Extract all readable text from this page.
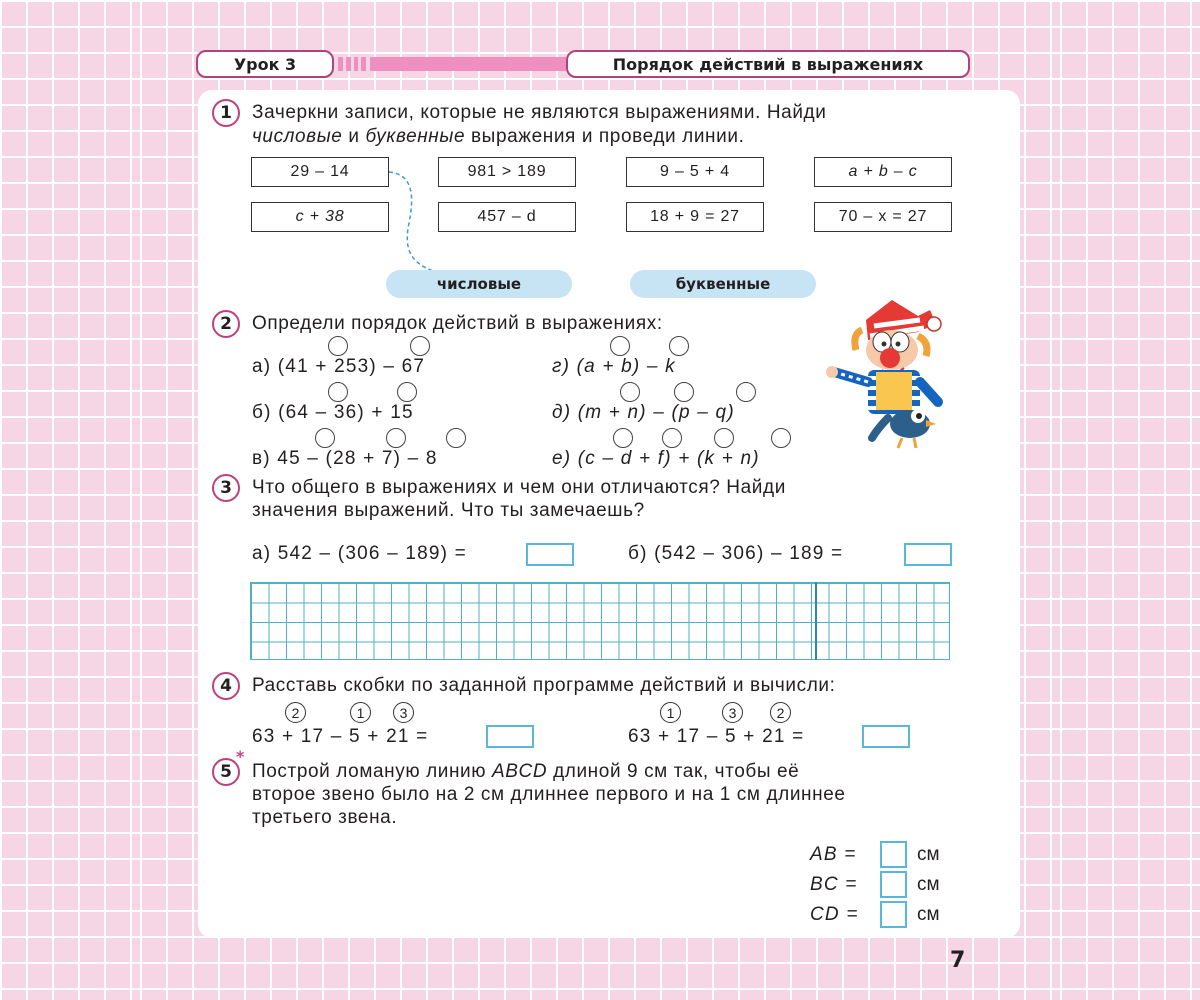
Урок 3	Порядок действий в выражениях
1	Зачеркни записи, которые не являются выражениями. Найди
числовые и буквенные выражения и проведи линии.
29 – 14	981 > 189	9 – 5 + 4	a + b – c
c + 38	457 – d	18 + 9 = 27	70 – x = 27
числовые	буквенные
2	Определи порядок действий в выражениях:
а) (41 + 253) – 67	г) (a + b) – k
б) (64 – 36) + 15	д) (m + n) – (p – q)
в) 45 – (28 + 7) – 8	е) (c – d + f) + (k + n)
3	Что общего в выражениях и чем они отличаются? Найди
значения выражений. Что ты замечаешь?
а) 542 – (306 – 189) =	б) (542 – 306) – 189 =
4	Расставь скобки по заданной программе действий и вычисли:
2	1	3
63 + 17 – 5 + 21 =
1	3	2
63 + 17 – 5 + 21 =
*
5	Построй ломаную линию ABCD длиной 9 см так, чтобы её
второе звено было на 2 см длиннее первого и на 1 см длиннее
третьего звена.
AB =	см
BC =	см
CD =	см
7
